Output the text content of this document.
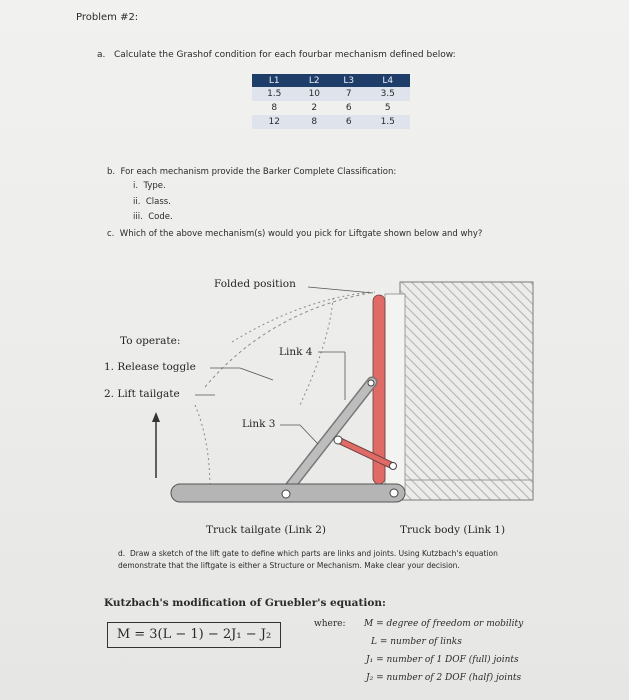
Problem #2:
a. Calculate the Grashof condition for each fourbar mechanism defined below:
L1	L2	L3	L4
1.5	10	7	3.5
8	2	6	5
12	8	6	1.5
b. For each mechanism provide the Barker Complete Classification:
i. Type.
ii. Class.
iii. Code.
c. Which of the above mechanism(s) would you pick for Liftgate shown below and why?
Folded position
To operate:
1. Release toggle
2. Lift tailgate
Link 4
Link 3
Truck tailgate (Link 2)	Truck body (Link 1)
d. Draw a sketch of the lift gate to define which parts are links and joints. Using Kutzbach's equation demonstrate that the liftgate is either a Structure or Mechanism. Make clear your decision.
Kutzbach's modification of Gruebler's equation:
M = 3(L − 1) − 2J₁ − J₂
where: M = degree of freedom or mobility
L = number of links
J₁ = number of 1 DOF (full) joints
J₂ = number of 2 DOF (half) joints
